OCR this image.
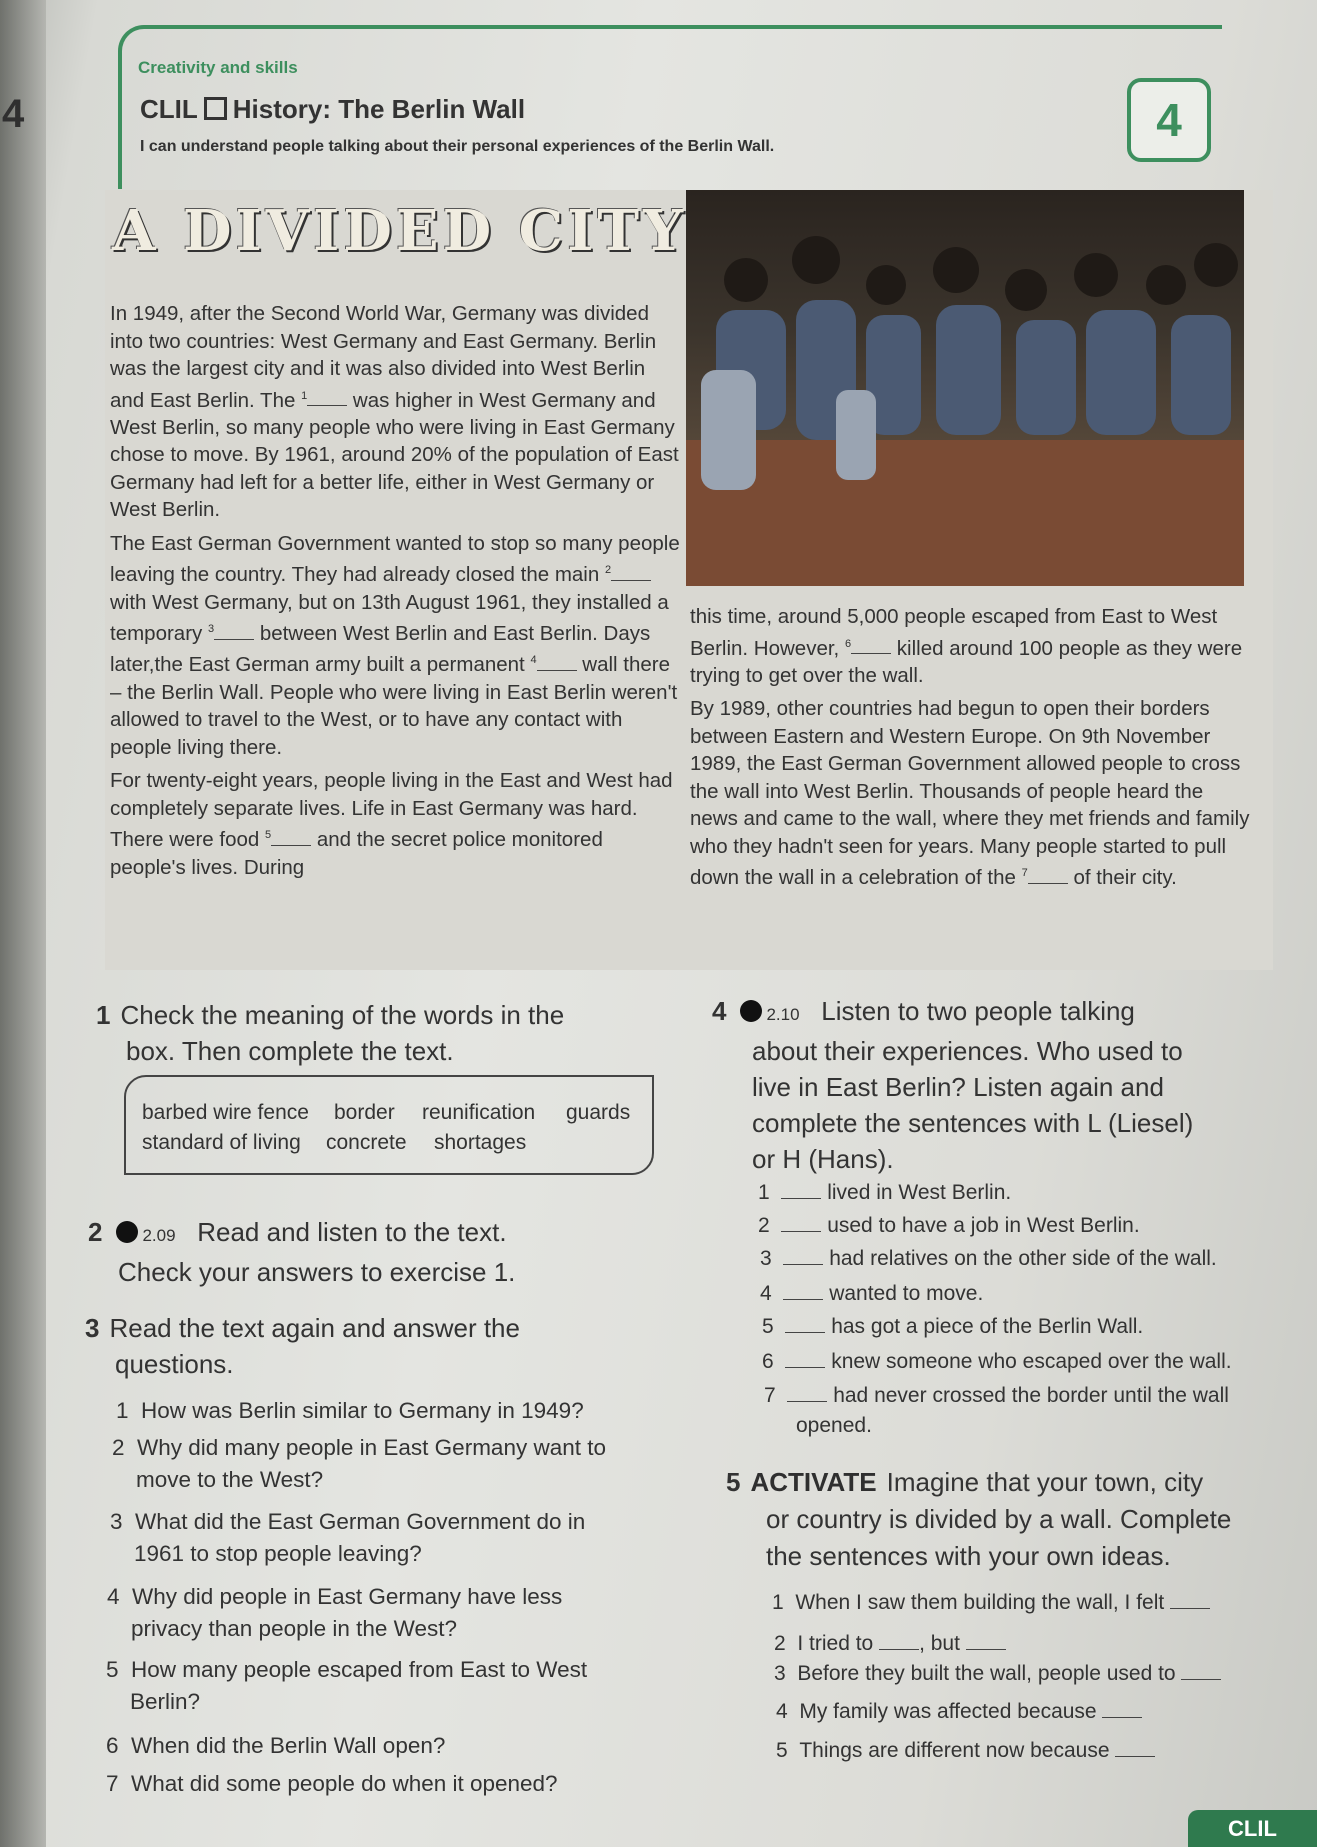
4
Creativity and skills
CLIL History: The Berlin Wall
I can understand people talking about their personal experiences of the Berlin Wall.
4
A DIVIDED CITY

In 1949, after the Second World War, Germany was divided into two countries: West Germany and East Germany. Berlin was the largest city and it was also divided into West Berlin and East Berlin. The $^1$ was higher in West Germany and West Berlin, so many people who were living in East Germany chose to move. By 1961, around 20% of the population of East Germany had left for a better life, either in West Germany or West Berlin.

The East German Government wanted to stop so many people leaving the country. They had already closed the main $^2$ with West Germany, but on 13th August 1961, they installed a temporary $^3$ between West Berlin and East Berlin. Days later,the East German army built a permanent $^4$ wall there – the Berlin Wall. People who were living in East Berlin weren't allowed to travel to the West, or to have any contact with people living there.

For twenty-eight years, people living in the East and West had completely separate lives. Life in East Germany was hard. There were food $^5$ and the secret police monitored people's lives. During

this time, around 5,000 people escaped from East to West Berlin. However, $^6$ killed around 100 people as they were trying to get over the wall.

By 1989, other countries had begun to open their borders between Eastern and Western Europe. On 9th November 1989, the East German Government allowed people to cross the wall into West Berlin. Thousands of people heard the news and came to the wall, where they met friends and family who they hadn't seen for years. Many people started to pull down the wall in a celebration of the $^7$ of their city.

1 Check the meaning of the words in the
box. Then complete the text.
barbed wire fence border reunification guards
standard of living concrete shortages
2 2.09 Read and listen to the text.
Check your answers to exercise 1.
3 Read the text again and answer the
questions.
1 How was Berlin similar to Germany in 1949?
2 Why did many people in East Germany want to
move to the West?
3 What did the East German Government do in
1961 to stop people leaving?
4 Why did people in East Germany have less
privacy than people in the West?
5 How many people escaped from East to West
Berlin?
6 When did the Berlin Wall open?
7 What did some people do when it opened?
4 2.10 Listen to two people talking
about their experiences. Who used to
live in East Berlin? Listen again and
complete the sentences with L (Liesel)
or H (Hans).
1	lived in West Berlin.
2	used to have a job in West Berlin.
3	had relatives on the other side of the wall.
4	wanted to move.
5	has got a piece of the Berlin Wall.
6	knew someone who escaped over the wall.
7	had never crossed the border until the wall
opened.
5 ACTIVATE Imagine that your town, city
or country is divided by a wall. Complete
the sentences with your own ideas.
1 When I saw them building the wall, I felt
2 I tried to , but
3 Before they built the wall, people used to
4 My family was affected because
5 Things are different now because
CLIL
